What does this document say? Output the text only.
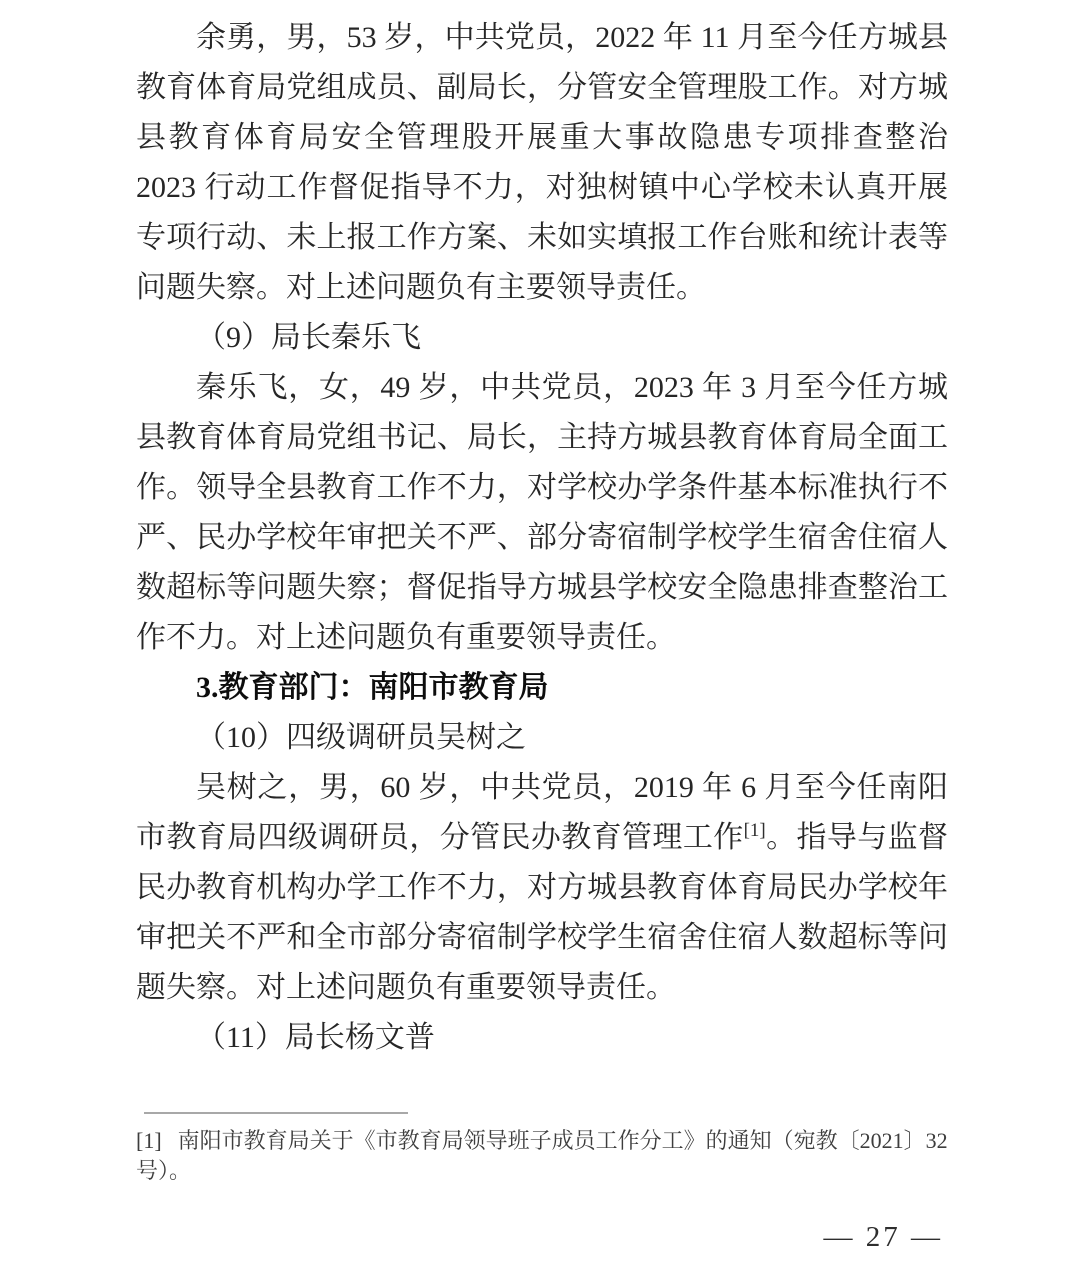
余勇，男，53 岁，中共党员，2022 年 11 月至今任方城县教育体育局党组成员、副局长，分管安全管理股工作。对方城县教育体育局安全管理股开展重大事故隐患专项排查整治 2023 行动工作督促指导不力，对独树镇中心学校未认真开展专项行动、未上报工作方案、未如实填报工作台账和统计表等问题失察。对上述问题负有主要领导责任。

（9）局长秦乐飞

秦乐飞，女，49 岁，中共党员，2023 年 3 月至今任方城县教育体育局党组书记、局长，主持方城县教育体育局全面工作。领导全县教育工作不力，对学校办学条件基本标准执行不严、民办学校年审把关不严、部分寄宿制学校学生宿舍住宿人数超标等问题失察；督促指导方城县学校安全隐患排查整治工作不力。对上述问题负有重要领导责任。

3.教育部门：南阳市教育局

（10）四级调研员吴树之

吴树之，男，60 岁，中共党员，2019 年 6 月至今任南阳市教育局四级调研员，分管民办教育管理工作[1]。指导与监督民办教育机构办学工作不力，对方城县教育体育局民办学校年审把关不严和全市部分寄宿制学校学生宿舍住宿人数超标等问题失察。对上述问题负有重要领导责任。

（11）局长杨文普

[1] 南阳市教育局关于《市教育局领导班子成员工作分工》的通知（宛教〔2021〕32 号）。

— 27 —
